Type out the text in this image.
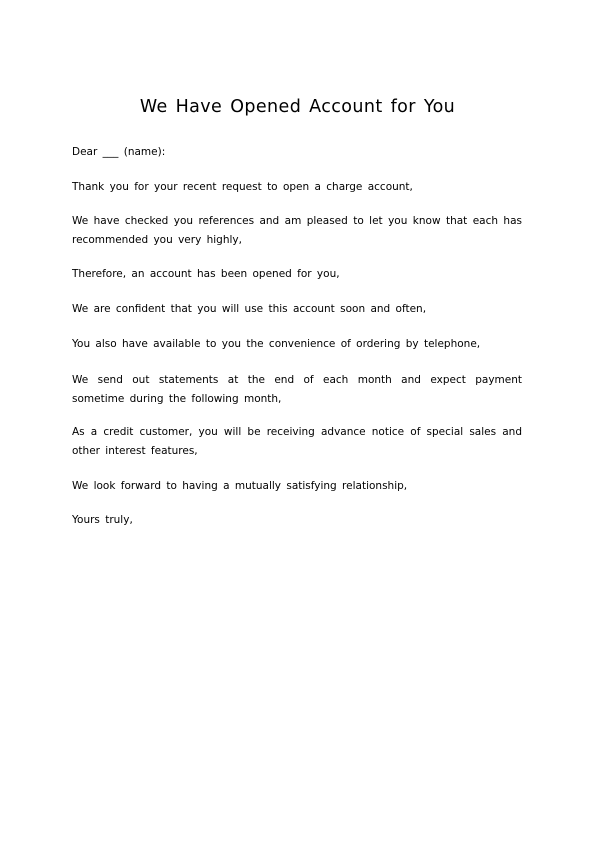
We Have Opened Account for You
Dear ___ (name):
Thank you for your recent request to open a charge account,
We have checked you references and am pleased to let you know that each has recommended you very highly,
Therefore, an account has been opened for you,
We are confident that you will use this account soon and often,
You also have available to you the convenience of ordering by telephone,
We send out statements at the end of each month and expect payment sometime during the following month,
As a credit customer, you will be receiving advance notice of special sales and other interest features,
We look forward to having a mutually satisfying relationship,
Yours truly,
